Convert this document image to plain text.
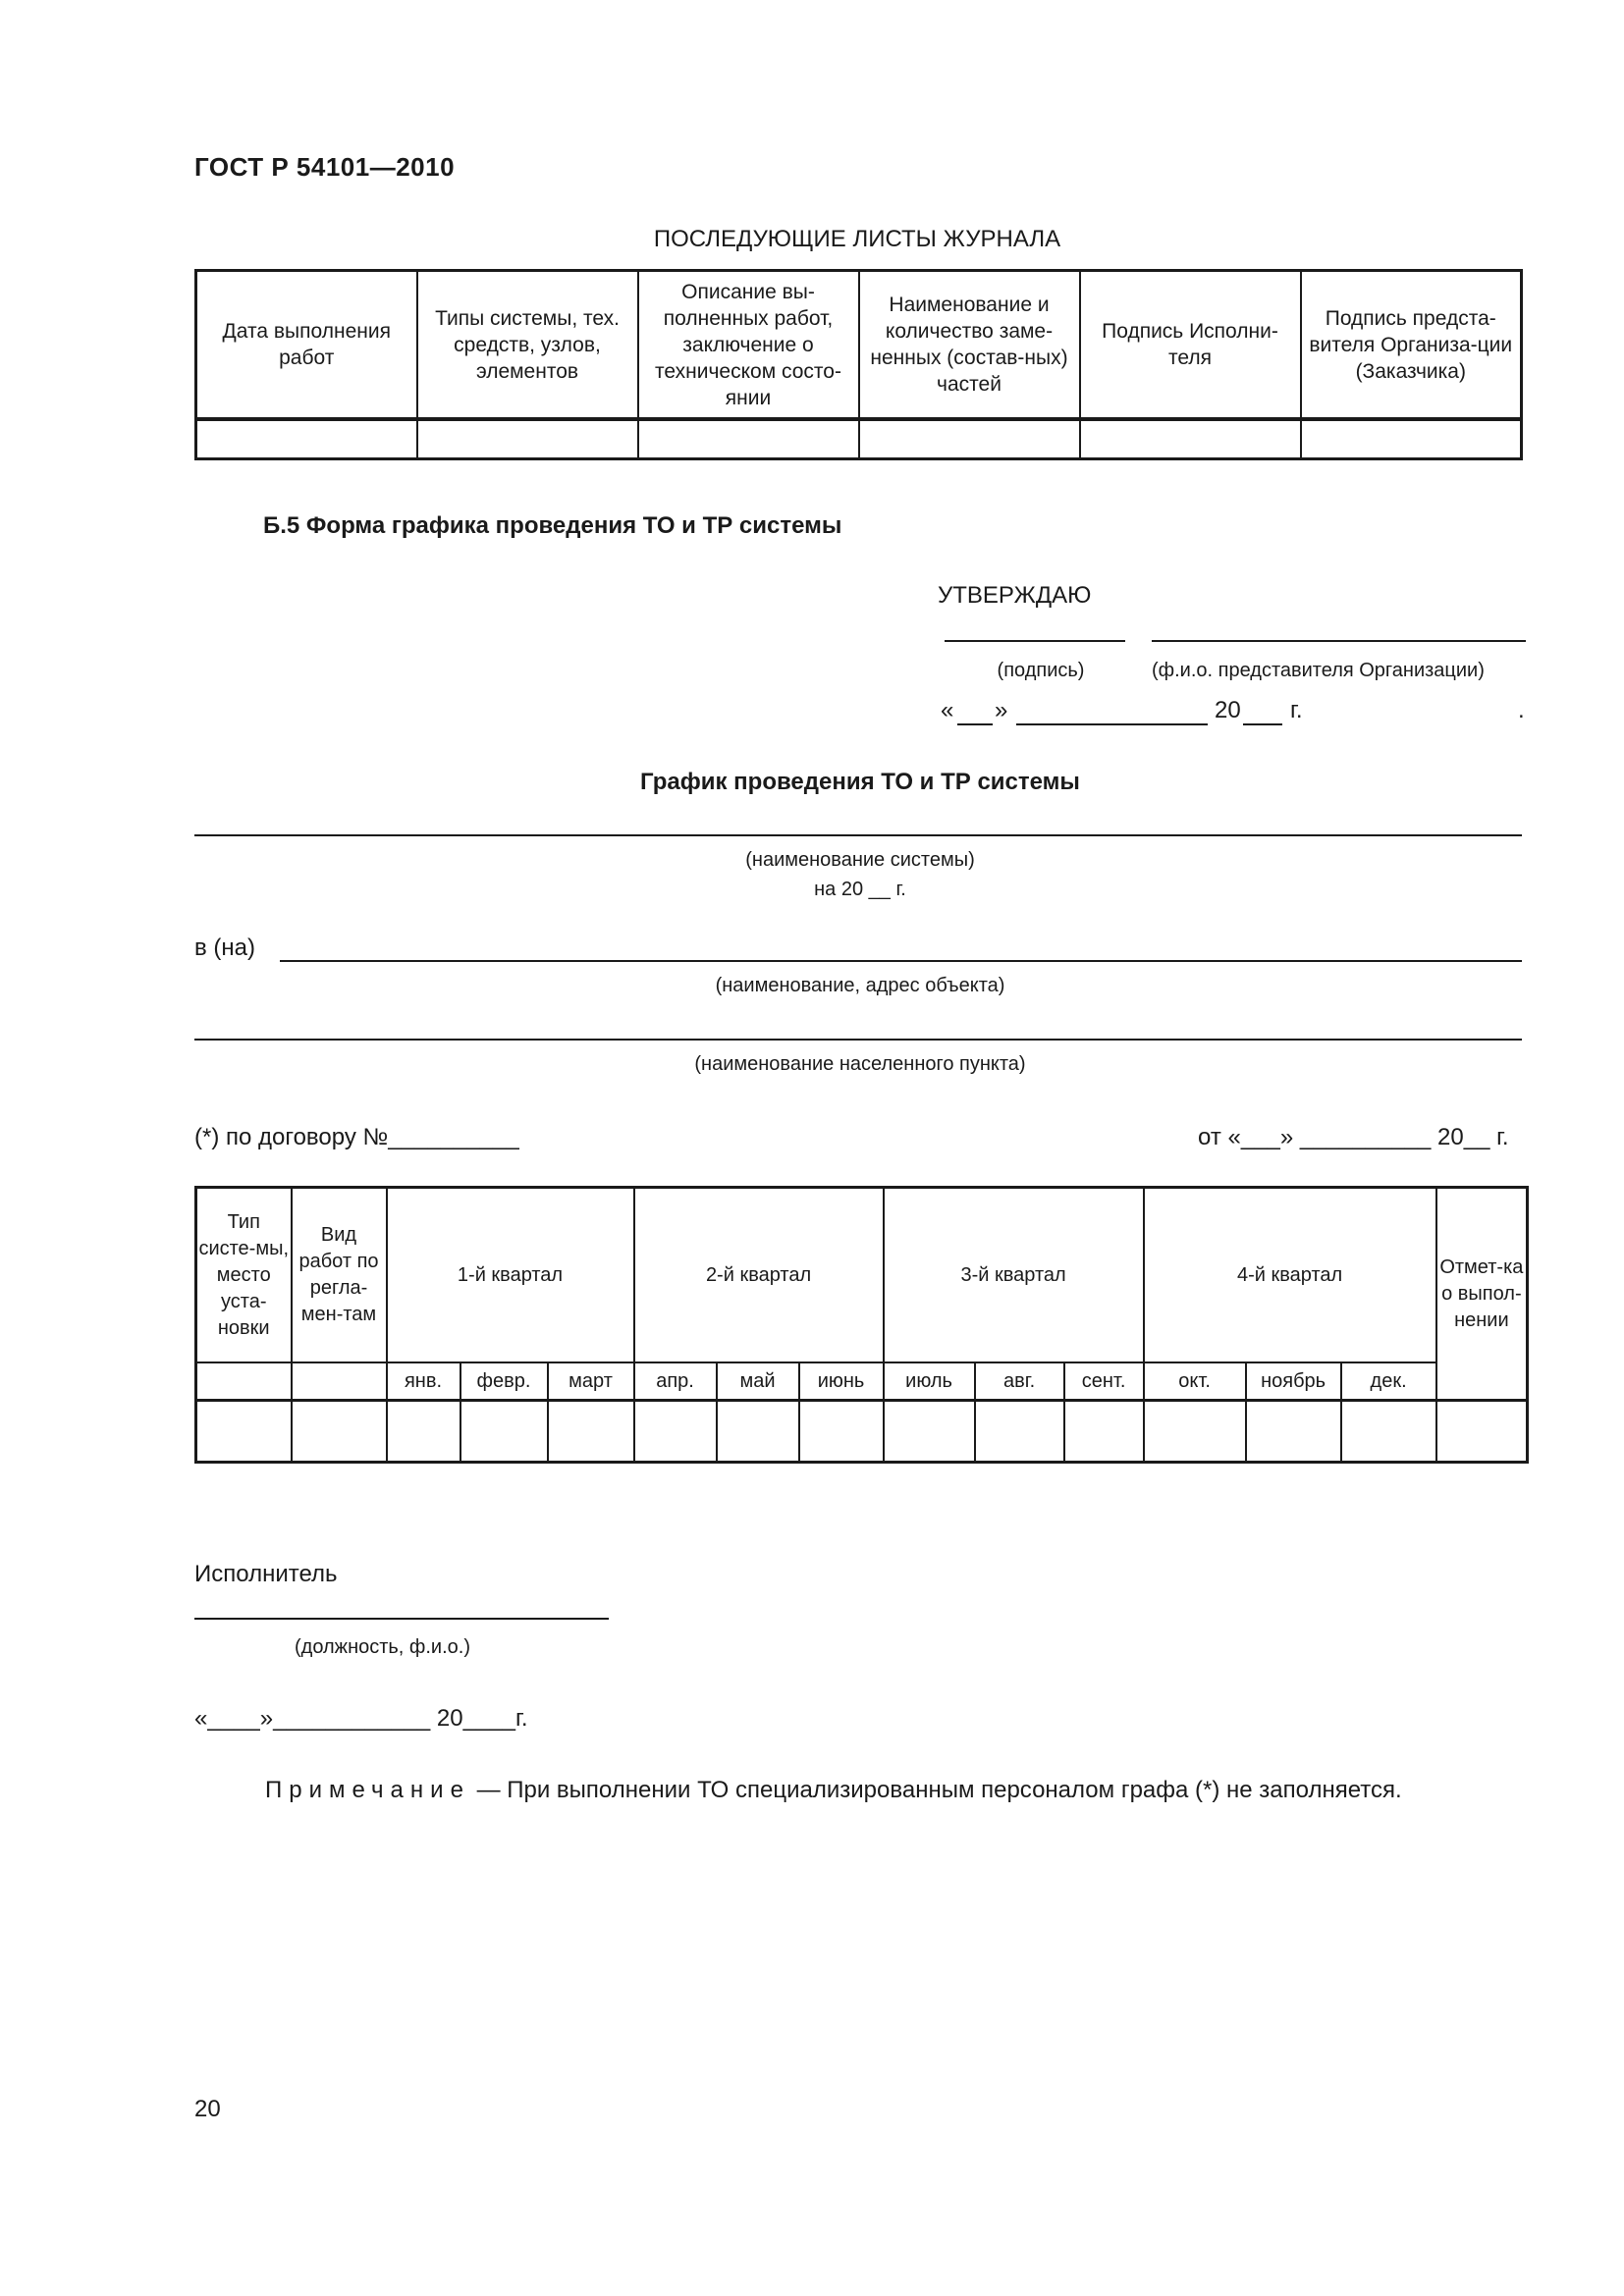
ГОСТ Р 54101—2010
ПОСЛЕДУЮЩИЕ ЛИСТЫ ЖУРНАЛА
Дата выполнения работ	Типы системы, тех. средств, узлов, элементов	Описание вы-полненных работ, заключение о техническом состо-янии	Наименование и количество заме-ненных (состав-ных) частей	Подпись Исполни-теля	Подпись предста-вителя Организа-ции (Заказчика)

Б.5 Форма графика проведения ТО и ТР системы
УТВЕРЖДАЮ
(подпись)	(ф.и.о. представителя Организации)
« »	20 г.	.
График проведения ТО и ТР системы
(наименование системы)
на 20 __ г.
в (на)
(наименование, адрес объекта)
(наименование населенного пункта)
(*) по договору №__________	от «___» __________ 20__ г.
Тип систе-мы, место уста-новки	Вид работ по регла-мен-там	1-й квартал			2-й квартал			3-й квартал			4-й квартал			Отмет-ка о выпол-нении
		янв.	февр.	март	апр.	май	июнь	июль	авг.	сент.	окт.	ноябрь	дек.	

Исполнитель
(должность, ф.и.о.)
«____»____________ 20____г.
Примечание — При выполнении ТО специализированным персоналом графа (*) не заполняется.
20
